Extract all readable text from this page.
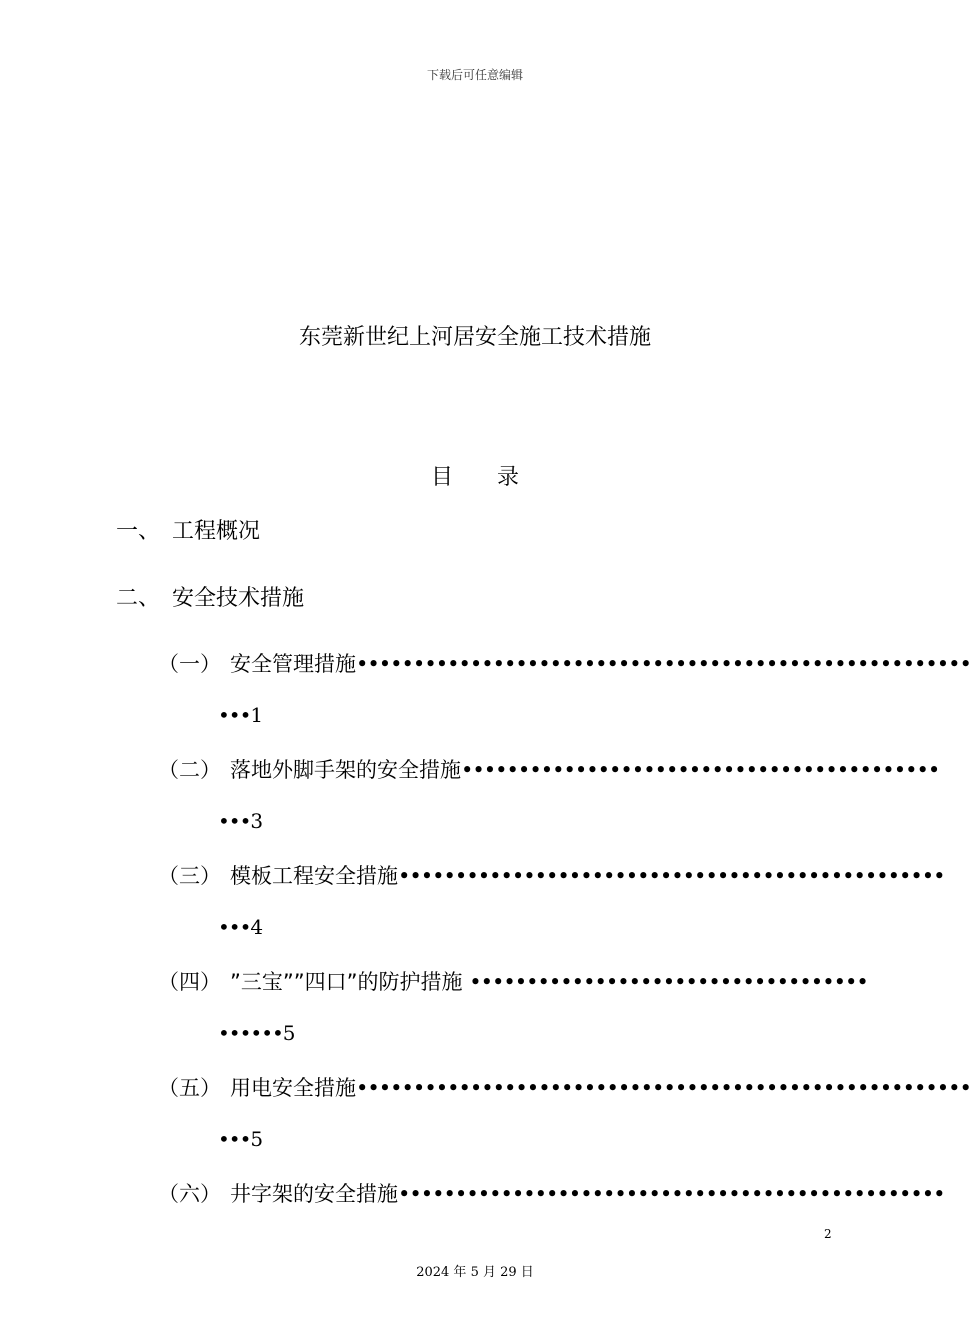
下载后可任意编辑
东莞新世纪上河居安全施工技术措施
目 录
一、 工程概况
二、 安全技术措施
（一） 安全管理措施••••••••••••••••••••••••••••••••••••••••••••••••••••••
•••1
（二） 落地外脚手架的安全措施••••••••••••••••••••••••••••••••••••••••••
•••3
（三） 模板工程安全措施••••••••••••••••••••••••••••••••••••••••••••••••
•••4
（四） ”三宝””四口”的防护措施 •••••••••••••••••••••••••••••••••••
••••••5
（五） 用电安全措施••••••••••••••••••••••••••••••••••••••••••••••••••••••
•••5
（六） 井字架的安全措施••••••••••••••••••••••••••••••••••••••••••••••••
2
2024 年 5 月 29 日
